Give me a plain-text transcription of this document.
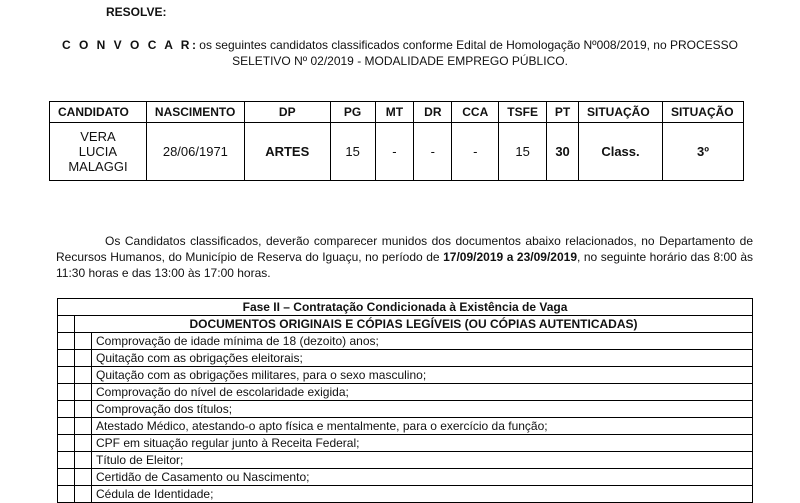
RESOLVE:
C O N V O C A R: os seguintes candidatos classificados conforme Edital de Homologação Nº008/2019, no PROCESSO SELETIVO Nº 02/2019 - MODALIDADE EMPREGO PÚBLICO.
CANDIDATO	NASCIMENTO	DP	PG	MT	DR	CCA	TSFE	PT	SITUAÇÃO	SITUAÇÃO

VERA
LUCIA
MALAGGI	28/06/1971	ARTES	15	-	-	-	15	30	Class.	3º
Os Candidatos classificados, deverão comparecer munidos dos documentos abaixo relacionados, no Departamento de Recursos Humanos, do Município de Reserva do Iguaçu, no período de 17/09/2019 a 23/09/2019, no seguinte horário das 8:00 às 11:30 horas e das 13:00 às 17:00 horas.
Fase II – Contratação Condicionada à Existência de Vaga		
	DOCUMENTOS ORIGINAIS E CÓPIAS LEGÍVEIS (OU CÓPIAS AUTENTICADAS)	
		Comprovação de idade mínima de 18 (dezoito) anos;
		Quitação com as obrigações eleitorais;
		Quitação com as obrigações militares, para o sexo masculino;
		Comprovação do nível de escolaridade exigida;
		Comprovação dos títulos;
		Atestado Médico, atestando-o apto física e mentalmente, para o exercício da função;
		CPF em situação regular junto à Receita Federal;
		Título de Eleitor;
		Certidão de Casamento ou Nascimento;
		Cédula de Identidade;
